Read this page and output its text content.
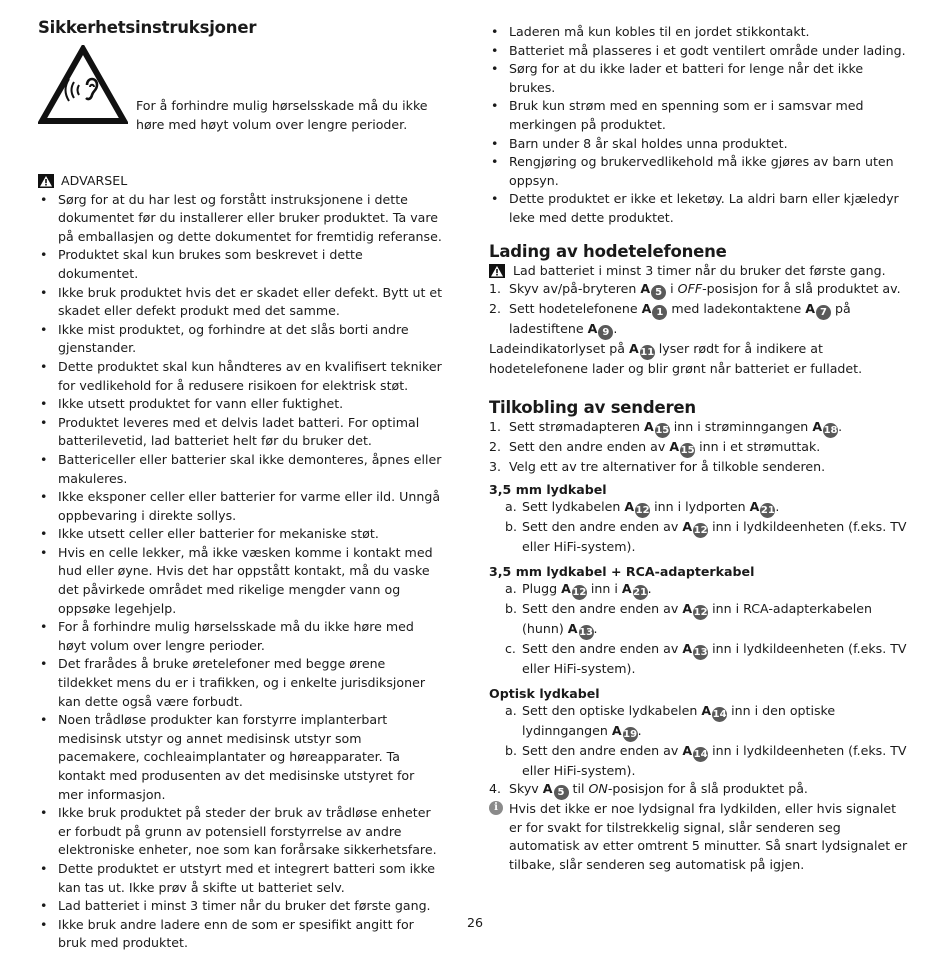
Sikkerhetsinstruksjoner
For å forhindre mulig hørselsskade må du ikke høre med høyt volum over lengre perioder.
ADVARSEL
• Sørg for at du har lest og forstått instruksjonene i dette dokumentet før du installerer eller bruker produktet. Ta vare på emballasjen og dette dokumentet for fremtidig referanse.
• Produktet skal kun brukes som beskrevet i dette dokumentet.
• Ikke bruk produktet hvis det er skadet eller defekt. Bytt ut et skadet eller defekt produkt med det samme.
• Ikke mist produktet, og forhindre at det slås borti andre gjenstander.
• Dette produktet skal kun håndteres av en kvalifisert tekniker for vedlikehold for å redusere risikoen for elektrisk støt.
• Ikke utsett produktet for vann eller fuktighet.
• Produktet leveres med et delvis ladet batteri. For optimal batterilevetid, lad batteriet helt før du bruker det.
• Battericeller eller batterier skal ikke demonteres, åpnes eller makuleres.
• Ikke eksponer celler eller batterier for varme eller ild. Unngå oppbevaring i direkte sollys.
• Ikke utsett celler eller batterier for mekaniske støt.
• Hvis en celle lekker, må ikke væsken komme i kontakt med hud eller øyne. Hvis det har oppstått kontakt, må du vaske det påvirkede området med rikelige mengder vann og oppsøke legehjelp.
• For å forhindre mulig hørselsskade må du ikke høre med høyt volum over lengre perioder.
• Det frarådes å bruke øretelefoner med begge ørene tildekket mens du er i trafikken, og i enkelte jurisdiksjoner kan dette også være forbudt.
• Noen trådløse produkter kan forstyrre implanterbart medisinsk utstyr og annet medisinsk utstyr som pacemakere, cochleaimplantater og høreapparater. Ta kontakt med produsenten av det medisinske utstyret for mer informasjon.
• Ikke bruk produktet på steder der bruk av trådløse enheter er forbudt på grunn av potensiell forstyrrelse av andre elektroniske enheter, noe som kan forårsake sikkerhetsfare.
• Dette produktet er utstyrt med et integrert batteri som ikke kan tas ut. Ikke prøv å skifte ut batteriet selv.
• Lad batteriet i minst 3 timer når du bruker det første gang.
• Ikke bruk andre ladere enn de som er spesifikt angitt for bruk med produktet.
• Laderen må kun kobles til en jordet stikkontakt.
• Batteriet må plasseres i et godt ventilert område under lading.
• Sørg for at du ikke lader et batteri for lenge når det ikke brukes.
• Bruk kun strøm med en spenning som er i samsvar med merkingen på produktet.
• Barn under 8 år skal holdes unna produktet.
• Rengjøring og brukervedlikehold må ikke gjøres av barn uten oppsyn.
• Dette produktet er ikke et leketøy. La aldri barn eller kjæledyr leke med dette produktet.
Lading av hodetelefonene
Lad batteriet i minst 3 timer når du bruker det første gang.
1. Skyv av/på-bryteren A 5 i OFF-posisjon for å slå produktet av.
2. Sett hodetelefonene A 1 med ladekontaktene A 7 på ladestiftene A 9 .
Ladeindikatorlyset på A 11 lyser rødt for å indikere at hodetelefonene lader og blir grønt når batteriet er fulladet.
Tilkobling av senderen
1. Sett strømadapteren A 15 inn i strøminngangen A 18.
2. Sett den andre enden av A 15 inn i et strømuttak.
3. Velg ett av tre alternativer for å tilkoble senderen.
3,5 mm lydkabel
a. Sett lydkabelen A 12 inn i lydporten A 21.
b. Sett den andre enden av A 12 inn i lydkildeenheten (f.eks. TV eller HiFi-system).
3,5 mm lydkabel + RCA-adapterkabel
a. Plugg A 12 inn i A 21.
b. Sett den andre enden av A 12 inn i RCA-adapterkabelen (hunn) A 13.
c. Sett den andre enden av A 13 inn i lydkildeenheten (f.eks. TV eller HiFi-system).
Optisk lydkabel
a. Sett den optiske lydkabelen A 14 inn i den optiske lydinngangen A 19.
b. Sett den andre enden av A 14 inn i lydkildeenheten (f.eks. TV eller HiFi-system).
4. Skyv A 5 til ON-posisjon for å slå produktet på.
i Hvis det ikke er noe lydsignal fra lydkilden, eller hvis signalet er for svakt for tilstrekkelig signal, slår senderen seg automatisk av etter omtrent 5 minutter. Så snart lydsignalet er tilbake, slår senderen seg automatisk på igjen.
26
